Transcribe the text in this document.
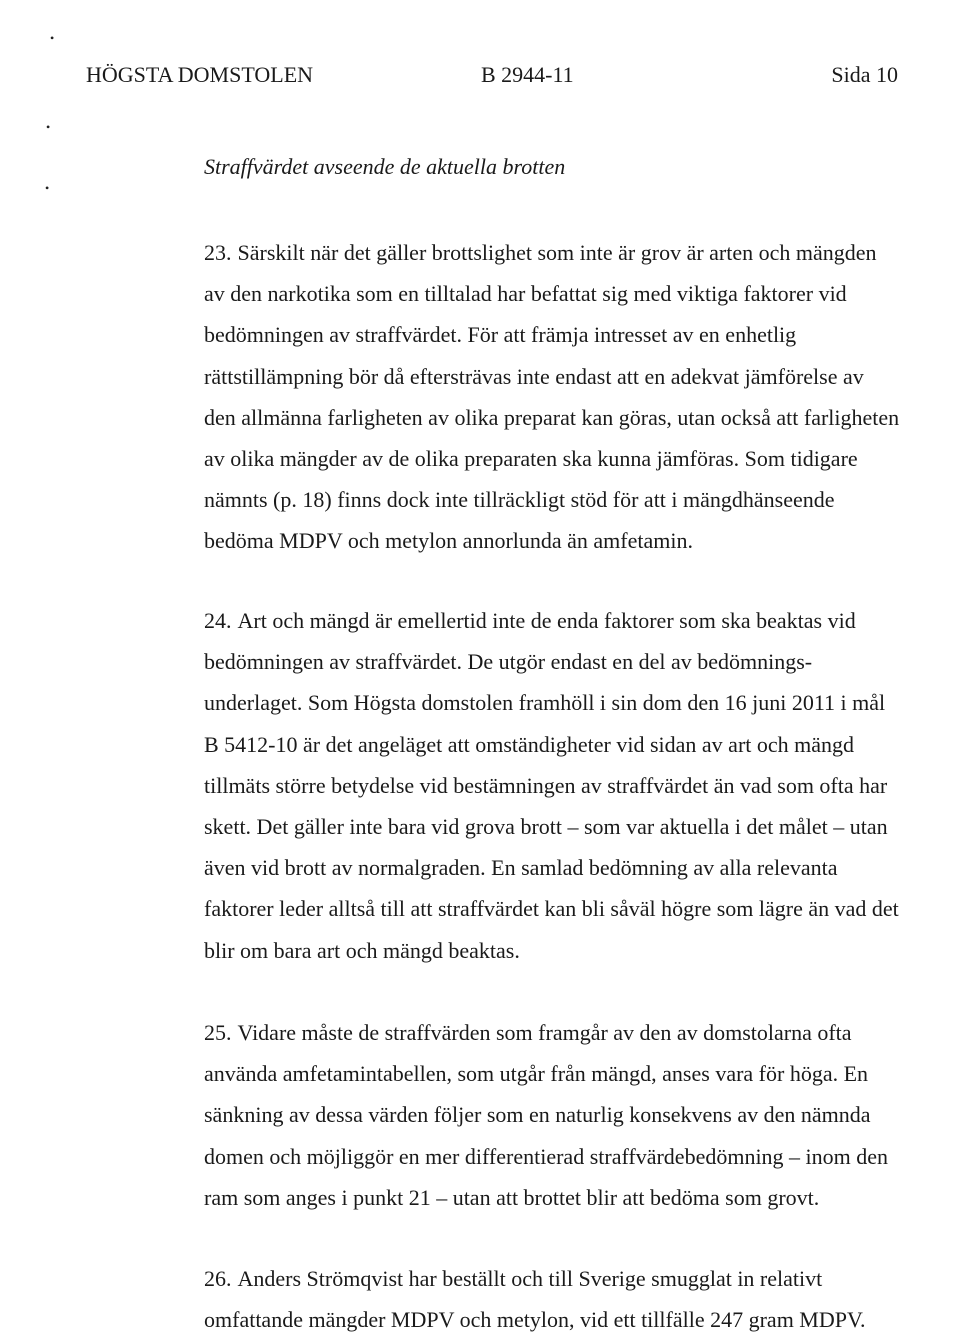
HÖGSTA DOMSTOLEN	B 2944-11	Sida 10
•
•
•
Straffvärdet avseende de aktuella brotten
23. Särskilt när det gäller brottslighet som inte är grov är arten och mängden
av den narkotika som en tilltalad har befattat sig med viktiga faktorer vid
bedömningen av straffvärdet. För att främja intresset av en enhetlig
rättstillämpning bör då eftersträvas inte endast att en adekvat jämförelse av
den allmänna farligheten av olika preparat kan göras, utan också att farligheten
av olika mängder av de olika preparaten ska kunna jämföras. Som tidigare
nämnts (p. 18) finns dock inte tillräckligt stöd för att i mängdhänseende
bedöma MDPV och metylon annorlunda än amfetamin.
24. Art och mängd är emellertid inte de enda faktorer som ska beaktas vid
bedömningen av straffvärdet. De utgör endast en del av bedömnings-
underlaget. Som Högsta domstolen framhöll i sin dom den 16 juni 2011 i mål
B 5412-10 är det angeläget att omständigheter vid sidan av art och mängd
tillmäts större betydelse vid bestämningen av straffvärdet än vad som ofta har
skett. Det gäller inte bara vid grova brott – som var aktuella i det målet – utan
även vid brott av normalgraden. En samlad bedömning av alla relevanta
faktorer leder alltså till att straffvärdet kan bli såväl högre som lägre än vad det
blir om bara art och mängd beaktas.
25. Vidare måste de straffvärden som framgår av den av domstolarna ofta
använda amfetamintabellen, som utgår från mängd, anses vara för höga. En
sänkning av dessa värden följer som en naturlig konsekvens av den nämnda
domen och möjliggör en mer differentierad straffvärdebedömning – inom den
ram som anges i punkt 21 – utan att brottet blir att bedöma som grovt.
26. Anders Strömqvist har beställt och till Sverige smugglat in relativt
omfattande mängder MDPV och metylon, vid ett tillfälle 247 gram MDPV.
